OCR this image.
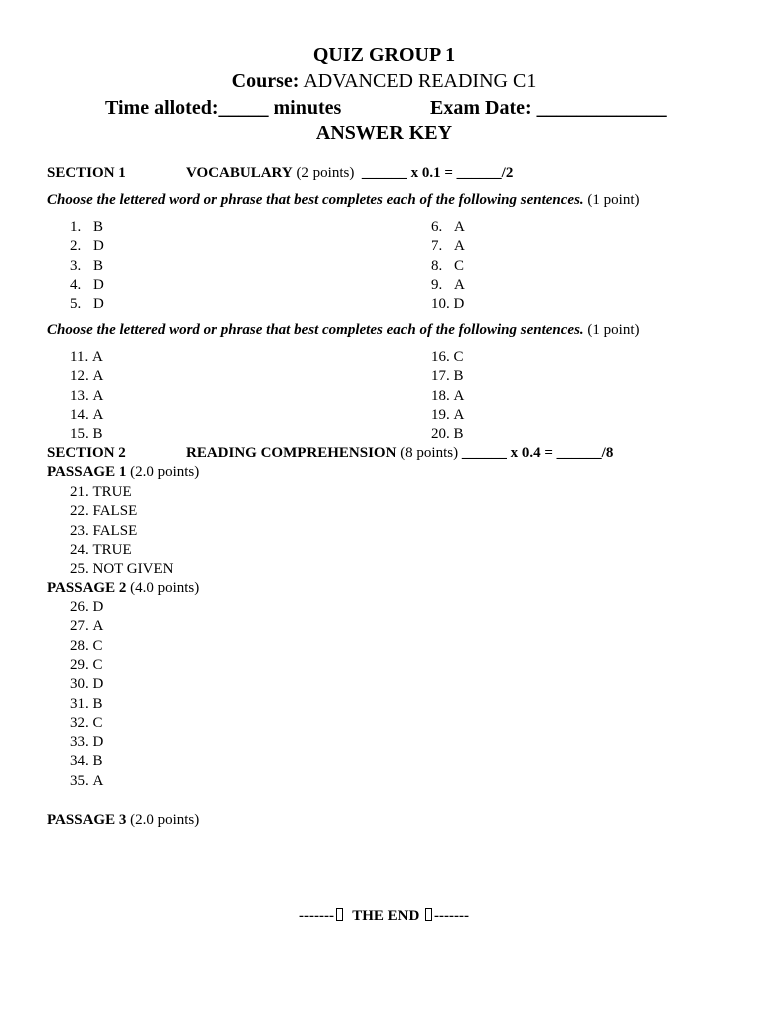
QUIZ GROUP 1
Course: ADVANCED READING C1
Time alloted:_____ minutes	Exam Date: _____________
ANSWER KEY
SECTION 1	VOCABULARY (2 points) ______ x 0.1 = ______/2
Choose the lettered word or phrase that best completes each of the following sentences. (1 point)
1. B
2. D
3. B
4. D
5. D
6. A
7. A
8. C
9. A
10. D
Choose the lettered word or phrase that best completes each of the following sentences. (1 point)
11. A
12. A
13. A
14. A
15. B
16. C
17. B
18. A
19. A
20. B
SECTION 2	READING COMPREHENSION (8 points) ______ x 0.4 = ______/8
PASSAGE 1 (2.0 points)
21. TRUE
22. FALSE
23. FALSE
24. TRUE
25. NOT GIVEN
PASSAGE 2 (4.0 points)
26. D
27. A
28. C
29. C
30. D
31. B
32. C
33. D
34. B
35. A
PASSAGE 3 (2.0 points)
------- THE END -------
